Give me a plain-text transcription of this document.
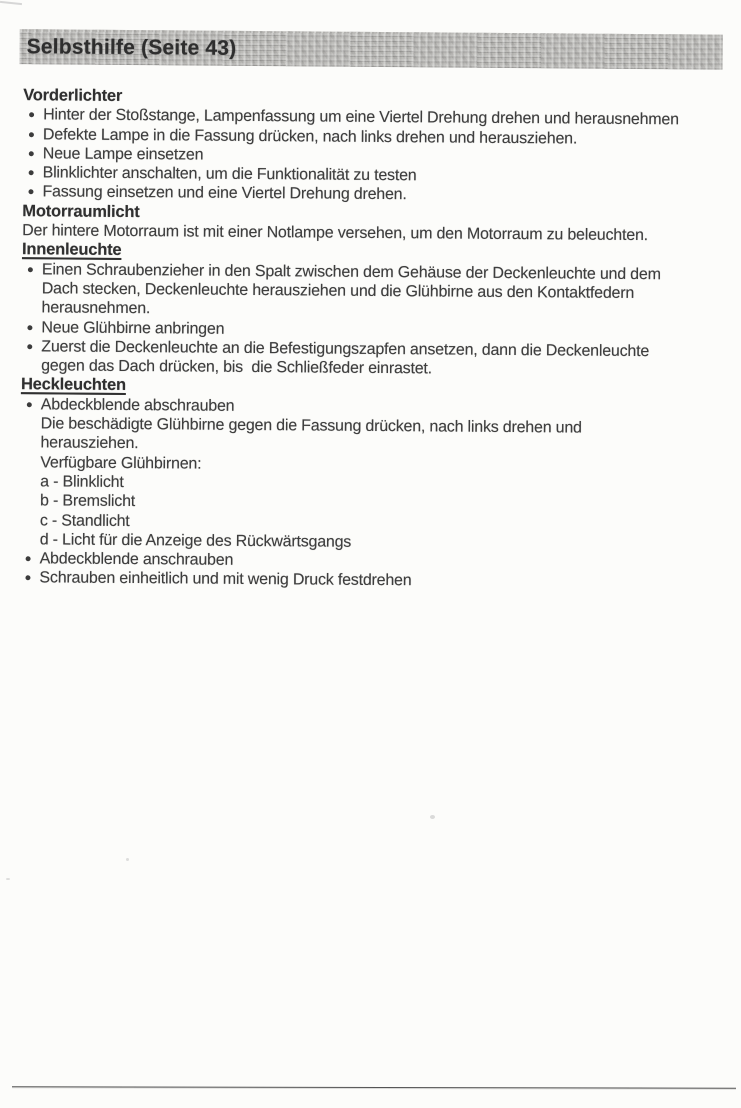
Selbsthilfe (Seite 43)
Vorderlichter
Hinter der Stoßstange, Lampenfassung um eine Viertel Drehung drehen und herausnehmen
Defekte Lampe in die Fassung drücken, nach links drehen und herausziehen.
Neue Lampe einsetzen
Blinklichter anschalten, um die Funktionalität zu testen
Fassung einsetzen und eine Viertel Drehung drehen.
Motorraumlicht

Der hintere Motorraum ist mit einer Notlampe versehen, um den Motorraum zu beleuchten.

Innenleuchte
Einen Schraubenzieher in den Spalt zwischen dem Gehäuse der Deckenleuchte und dem
Dach stecken, Deckenleuchte herausziehen und die Glühbirne aus den Kontaktfedern
herausnehmen.
Neue Glühbirne anbringen
Zuerst die Deckenleuchte an die Befestigungszapfen ansetzen, dann die Deckenleuchte
gegen das Dach drücken, bis  die Schließfeder einrastet.
Heckleuchten
Abdeckblende abschrauben
Die beschädigte Glühbirne gegen die Fassung drücken, nach links drehen und
herausziehen.
Verfügbare Glühbirnen:
a - Blinklicht
b - Bremslicht
c - Standlicht
d - Licht für die Anzeige des Rückwärtsgangs
Abdeckblende anschrauben
Schrauben einheitlich und mit wenig Druck festdrehen
